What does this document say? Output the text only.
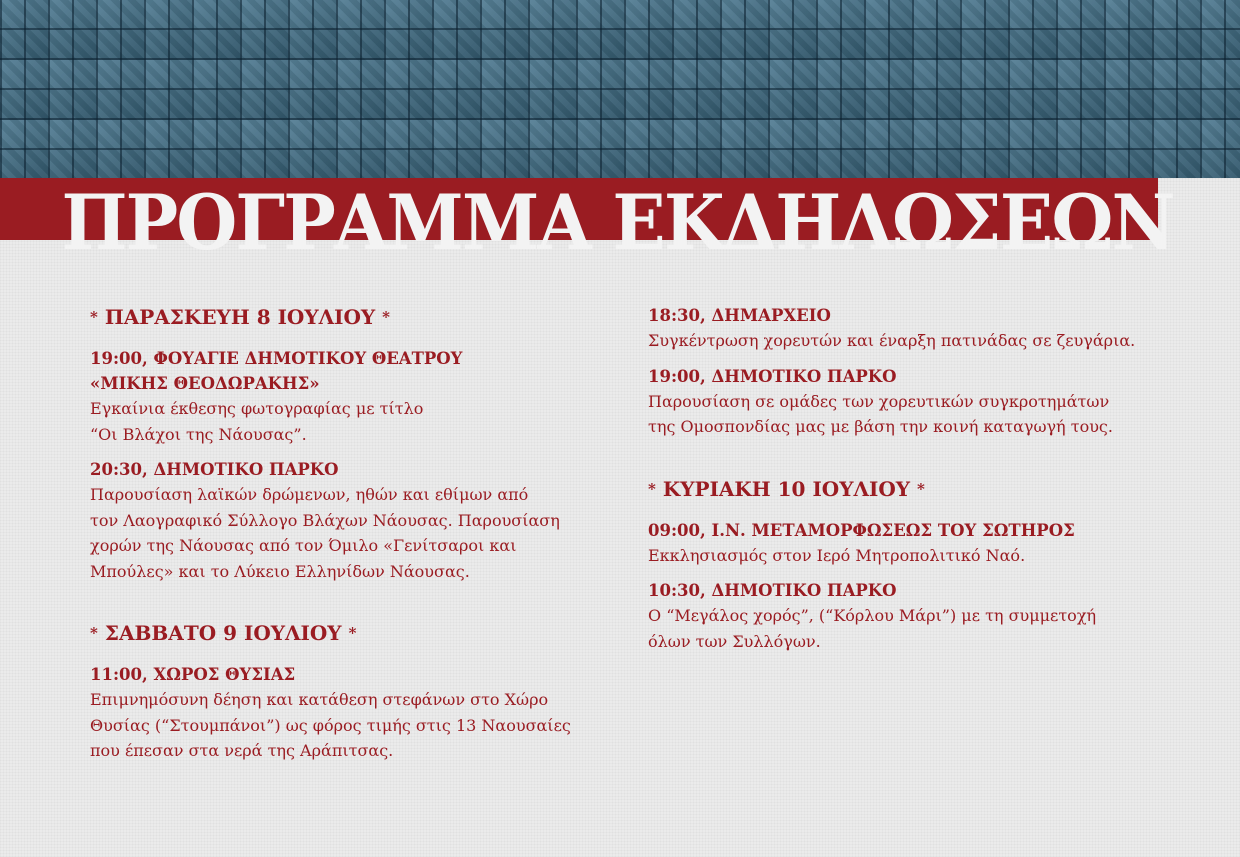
ΠΡΟΓΡΑΜΜΑ ΕΚΔΗΛΩΣΕΩΝ
* ΠΑΡΑΣΚΕΥΗ 8 ΙΟΥΛΙΟΥ *

19:00, ΦΟΥΑΓΙΕ ΔΗΜΟΤΙΚΟΥ ΘΕΑΤΡΟΥ

«ΜΙΚΗΣ ΘΕΟΔΩΡΑΚΗΣ»

Εγκαίνια έκθεσης φωτογραφίας με τίτλο

“Οι Βλάχοι της Νάουσας”.

20:30, ΔΗΜΟΤΙΚΟ ΠΑΡΚΟ

Παρουσίαση λαϊκών δρώμενων, ηθών και εθίμων από

τον Λαογραφικό Σύλλογο Βλάχων Νάουσας. Παρουσίαση

χορών της Νάουσας από τον Όμιλο «Γενίτσαροι και

Μπούλες» και το Λύκειο Ελληνίδων Νάουσας.

* ΣΑΒΒΑΤΟ 9 ΙΟΥΛΙΟΥ *

11:00, ΧΩΡΟΣ ΘΥΣΙΑΣ

Επιμνημόσυνη δέηση και κατάθεση στεφάνων στο Χώρο

Θυσίας (“Στουμπάνοι”) ως φόρος τιμής στις 13 Ναουσαίες

που έπεσαν στα νερά της Αράπιτσας.

18:30, ΔΗΜΑΡΧΕΙΟ

Συγκέντρωση χορευτών και έναρξη πατινάδας σε ζευγάρια.

19:00, ΔΗΜΟΤΙΚΟ ΠΑΡΚΟ

Παρουσίαση σε ομάδες των χορευτικών συγκροτημάτων

της Ομοσπονδίας μας με βάση την κοινή καταγωγή τους.

* ΚΥΡΙΑΚΗ 10 ΙΟΥΛΙΟΥ *

09:00, Ι.Ν. ΜΕΤΑΜΟΡΦΩΣΕΩΣ ΤΟΥ ΣΩΤΗΡΟΣ

Εκκλησιασμός στον Ιερό Μητροπολιτικό Ναό.

10:30, ΔΗΜΟΤΙΚΟ ΠΑΡΚΟ

Ο “Μεγάλος χορός”, (“Κόρλου Μάρι”) με τη συμμετοχή

όλων των Συλλόγων.
